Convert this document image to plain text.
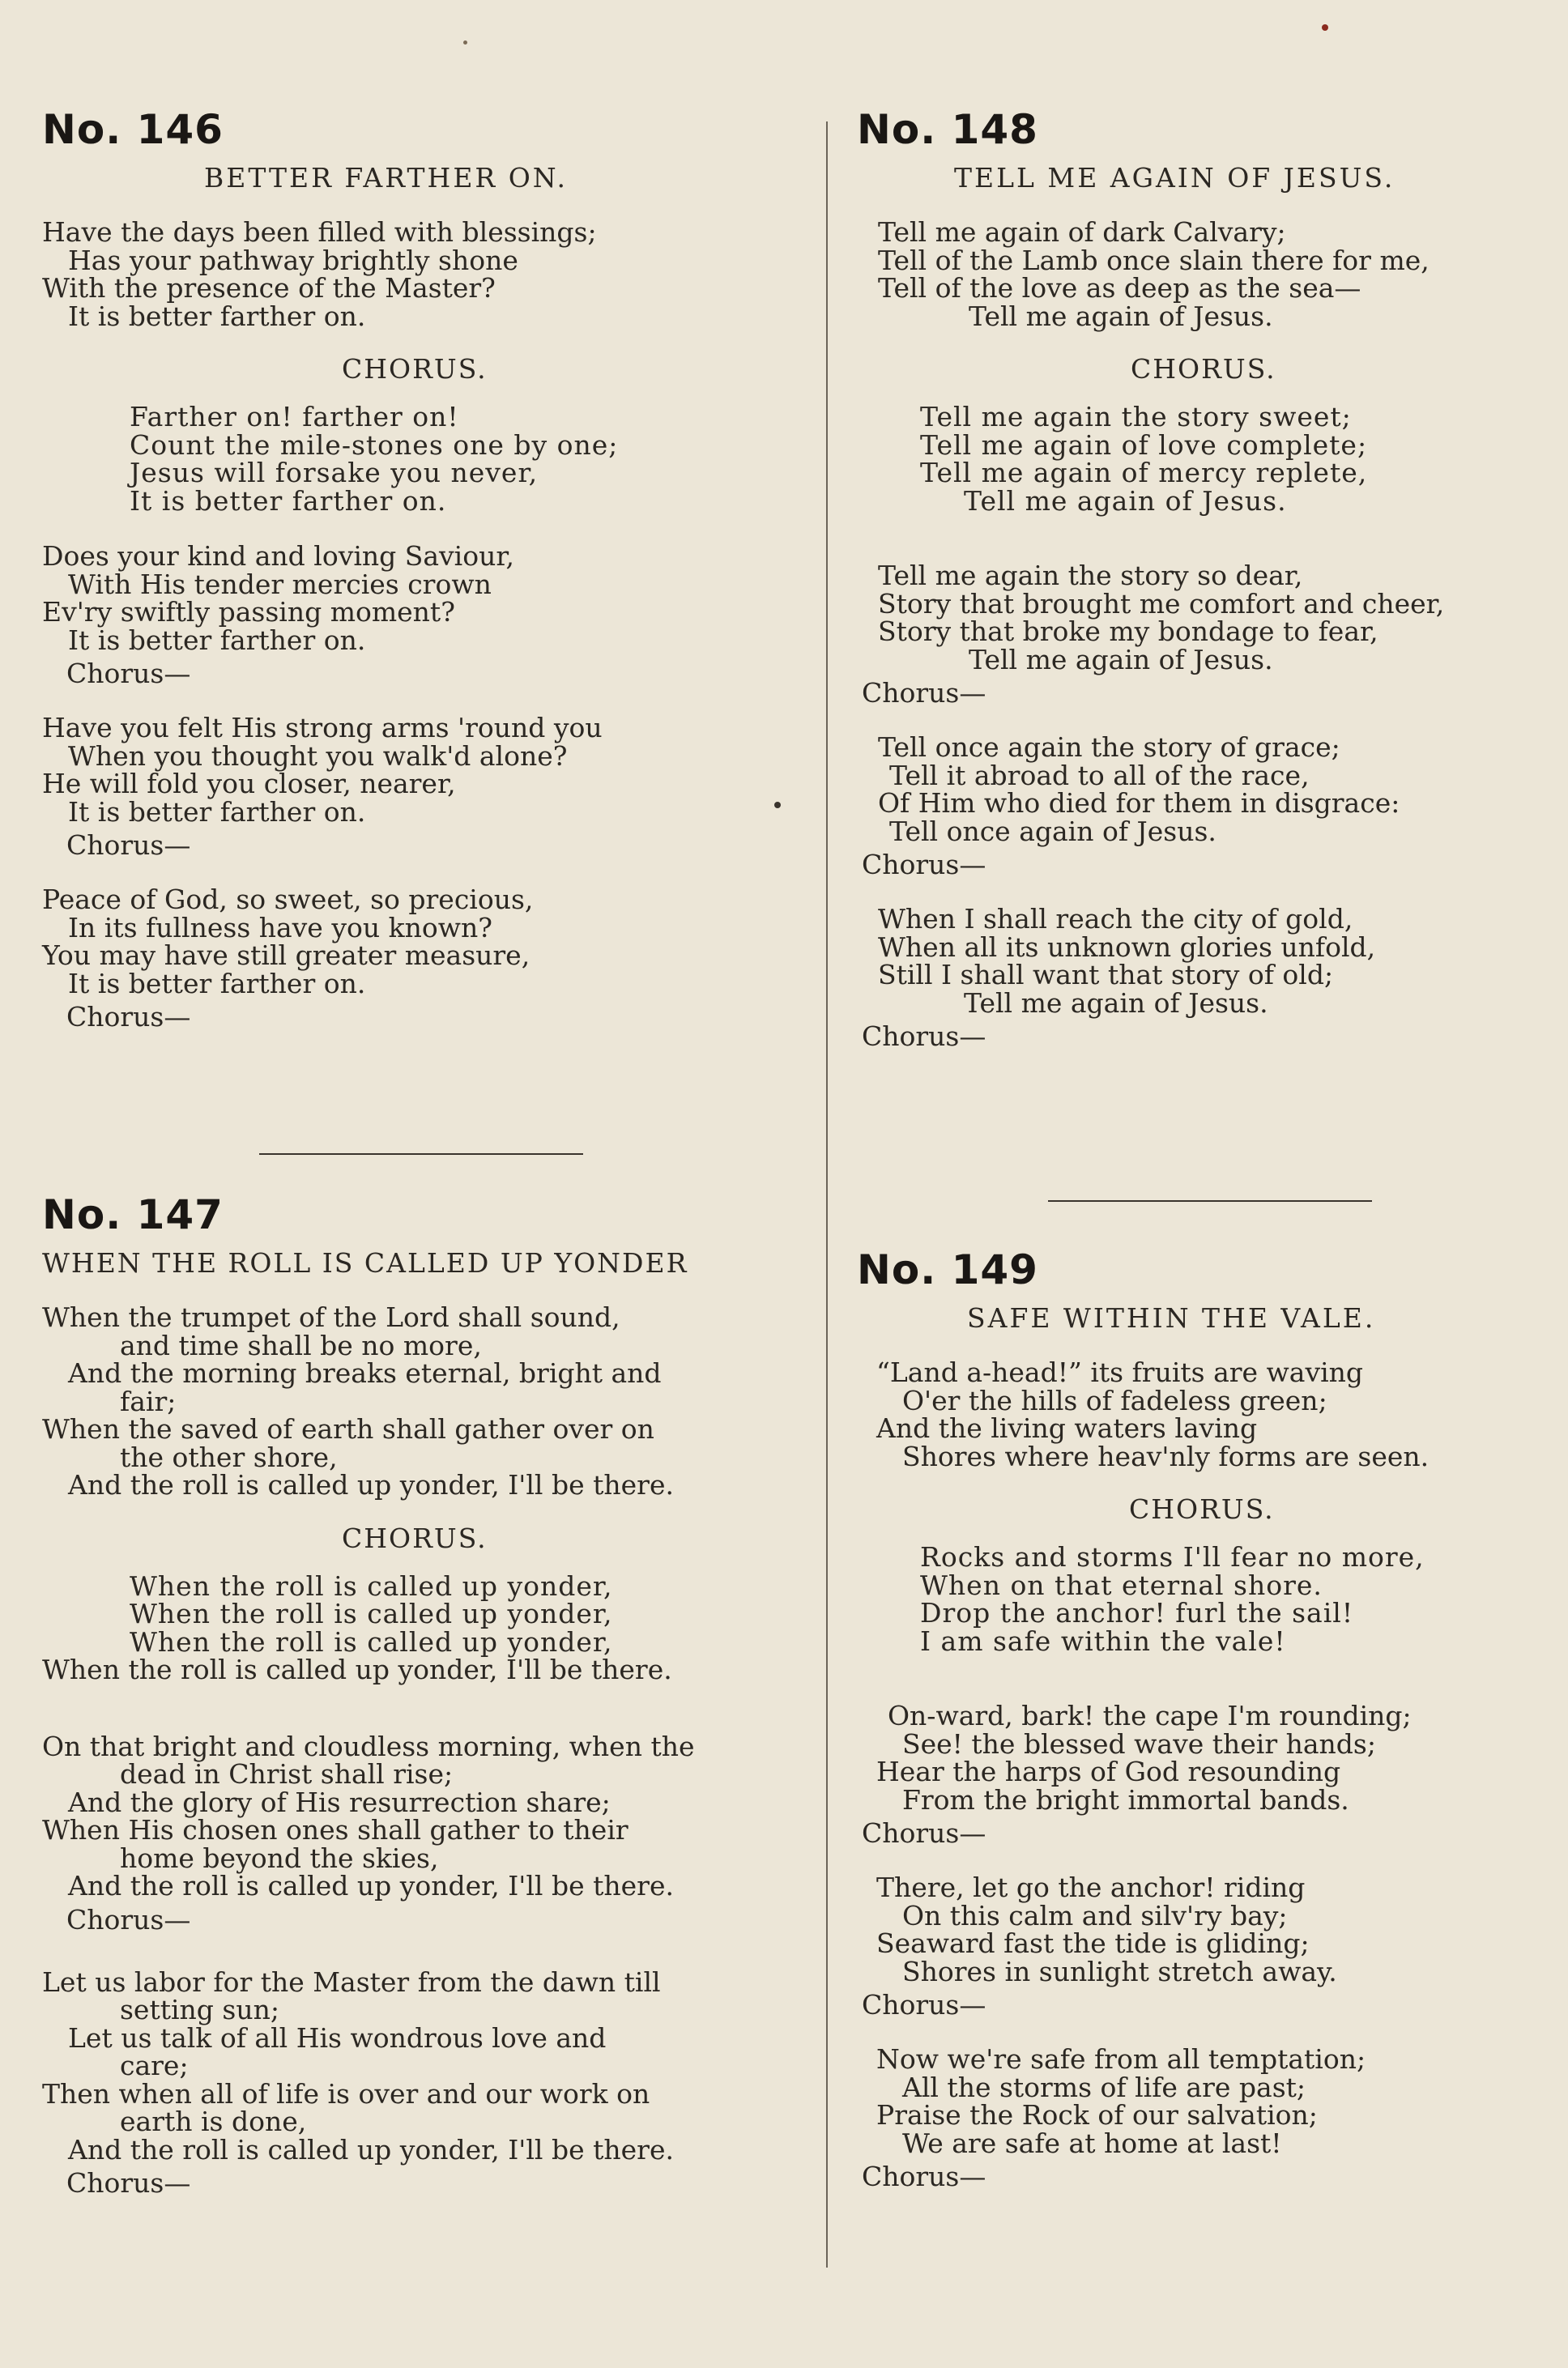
No. 146
BETTER FARTHER ON.
Have the days been filled with blessings;
Has your pathway brightly shone
With the presence of the Master?
It is better farther on.
CHORUS.
Farther on! farther on!
Count the mile-stones one by one;
Jesus will forsake you never,
It is better farther on.
Does your kind and loving Saviour,
With His tender mercies crown
Ev'ry swiftly passing moment?
It is better farther on.
Chorus—
Have you felt His strong arms 'round you
When you thought you walk'd alone?
He will fold you closer, nearer,
It is better farther on.
Chorus—
Peace of God, so sweet, so precious,
In its fullness have you known?
You may have still greater measure,
It is better farther on.
Chorus—
No. 147
WHEN THE ROLL IS CALLED UP YONDER
When the trumpet of the Lord shall sound,
and time shall be no more,
And the morning breaks eternal, bright and
fair;
When the saved of earth shall gather over on
the other shore,
And the roll is called up yonder, I'll be there.
CHORUS.
When the roll is called up yonder,
When the roll is called up yonder,
When the roll is called up yonder,
When the roll is called up yonder, I'll be there.
On that bright and cloudless morning, when the
dead in Christ shall rise;
And the glory of His resurrection share;
When His chosen ones shall gather to their
home beyond the skies,
And the roll is called up yonder, I'll be there.
Chorus—
Let us labor for the Master from the dawn till
setting sun;
Let us talk of all His wondrous love and
care;
Then when all of life is over and our work on
earth is done,
And the roll is called up yonder, I'll be there.
Chorus—
No. 148
TELL ME AGAIN OF JESUS.
Tell me again of dark Calvary;
Tell of the Lamb once slain there for me,
Tell of the love as deep as the sea—
Tell me again of Jesus.
CHORUS.
Tell me again the story sweet;
Tell me again of love complete;
Tell me again of mercy replete,
Tell me again of Jesus.
Tell me again the story so dear,
Story that brought me comfort and cheer,
Story that broke my bondage to fear,
Tell me again of Jesus.
Chorus—
Tell once again the story of grace;
Tell it abroad to all of the race,
Of Him who died for them in disgrace:
Tell once again of Jesus.
Chorus—
When I shall reach the city of gold,
When all its unknown glories unfold,
Still I shall want that story of old;
Tell me again of Jesus.
Chorus—
No. 149
SAFE WITHIN THE VALE.
“Land a-head!” its fruits are waving
O'er the hills of fadeless green;
And the living waters laving
Shores where heav'nly forms are seen.
CHORUS.
Rocks and storms I'll fear no more,
When on that eternal shore.
Drop the anchor! furl the sail!
I am safe within the vale!
On-ward, bark! the cape I'm rounding;
See! the blessed wave their hands;
Hear the harps of God resounding
From the bright immortal bands.
Chorus—
There, let go the anchor! riding
On this calm and silv'ry bay;
Seaward fast the tide is gliding;
Shores in sunlight stretch away.
Chorus—
Now we're safe from all temptation;
All the storms of life are past;
Praise the Rock of our salvation;
We are safe at home at last!
Chorus—
